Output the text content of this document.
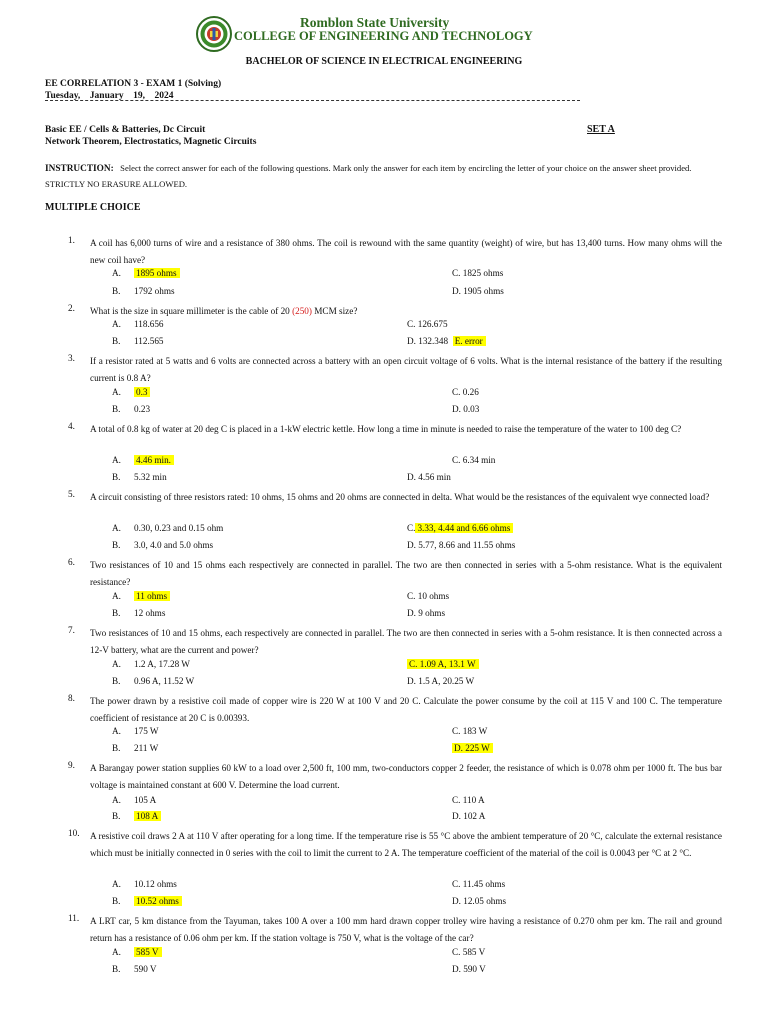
Romblon State University
COLLEGE OF ENGINEERING AND TECHNOLOGY
BACHELOR OF SCIENCE IN ELECTRICAL ENGINEERING
EE CORRELATION 3 - EXAM 1 (Solving)
Tuesday,    January    19,    2024
Basic EE / Cells & Batteries, Dc Circuit
Network Theorem, Electrostatics, Magnetic Circuits
SET A
INSTRUCTION: Select the correct answer for each of the following questions. Mark only the answer for each item by encircling the letter of your choice on the answer sheet provided. STRICTLY NO ERASURE ALLOWED.
MULTIPLE CHOICE
1. A coil has 6,000 turns of wire and a resistance of 380 ohms. The coil is rewound with the same quantity (weight) of wire, but has 13,400 turns. How many ohms will the new coil have?
A. 1895 ohms	C. 1825 ohms
B. 1792 ohms	D. 1905 ohms
2. What is the size in square millimeter is the cable of 20 (250) MCM size?
A. 118.656	C. 126.675
B. 112.565	D. 132.348 E. error
3. If a resistor rated at 5 watts and 6 volts are connected across a battery with an open circuit voltage of 6 volts. What is the internal resistance of the battery if the resulting current is 0.8 A?
A. 0.3	C. 0.26
B. 0.23	D. 0.03
4. A total of 0.8 kg of water at 20 deg C is placed in a 1-kW electric kettle. How long a time in minute is needed to raise the temperature of the water to 100 deg C?
A. 4.46 min.	C. 6.34 min
B. 5.32 min	D. 4.56 min
5. A circuit consisting of three resistors rated: 10 ohms, 15 ohms and 20 ohms are connected in delta. What would be the resistances of the equivalent wye connected load?
A. 0.30, 0.23 and 0.15 ohm	C. 3.33, 4.44 and 6.66 ohms
B. 3.0, 4.0 and 5.0 ohms	D. 5.77, 8.66 and 11.55 ohms
6. Two resistances of 10 and 15 ohms each respectively are connected in parallel. The two are then connected in series with a 5-ohm resistance. What is the equivalent resistance?
A. 11 ohms	C. 10 ohms
B. 12 ohms	D. 9 ohms
7. Two resistances of 10 and 15 ohms, each respectively are connected in parallel. The two are then connected in series with a 5-ohm resistance. It is then connected across a 12-V battery, what are the current and power?
A. 1.2 A, 17.28 W	C. 1.09 A, 13.1 W
B. 0.96 A, 11.52 W	D. 1.5 A, 20.25 W
8. The power drawn by a resistive coil made of copper wire is 220 W at 100 V and 20 C. Calculate the power consume by the coil at 115 V and 100 C. The temperature coefficient of resistance at 20 C is 0.00393.
A. 175 W	C. 183 W
B. 211 W	D. 225 W
9. A Barangay power station supplies 60 kW to a load over 2,500 ft, 100 mm, two-conductors copper 2 feeder, the resistance of which is 0.078 ohm per 1000 ft. The bus bar voltage is maintained constant at 600 V. Determine the load current.
A. 105 A	C. 110 A
B. 108 A	D. 102 A
10. A resistive coil draws 2 A at 110 V after operating for a long time. If the temperature rise is 55 °C above the ambient temperature of 20 °C, calculate the external resistance which must be initially connected in 0 series with the coil to limit the current to 2 A. The temperature coefficient of the material of the coil is 0.0043 per °C at 2 °C.
A. 10.12 ohms	C. 11.45 ohms
B. 10.52 ohms	D. 12.05 ohms
11. A LRT car, 5 km distance from the Tayuman, takes 100 A over a 100 mm hard drawn copper trolley wire having a resistance of 0.270 ohm per km. The rail and ground return has a resistance of 0.06 ohm per km. If the station voltage is 750 V, what is the voltage of the car?
A. 585 V	C. 585 V
B. 590 V	D. 590 V
